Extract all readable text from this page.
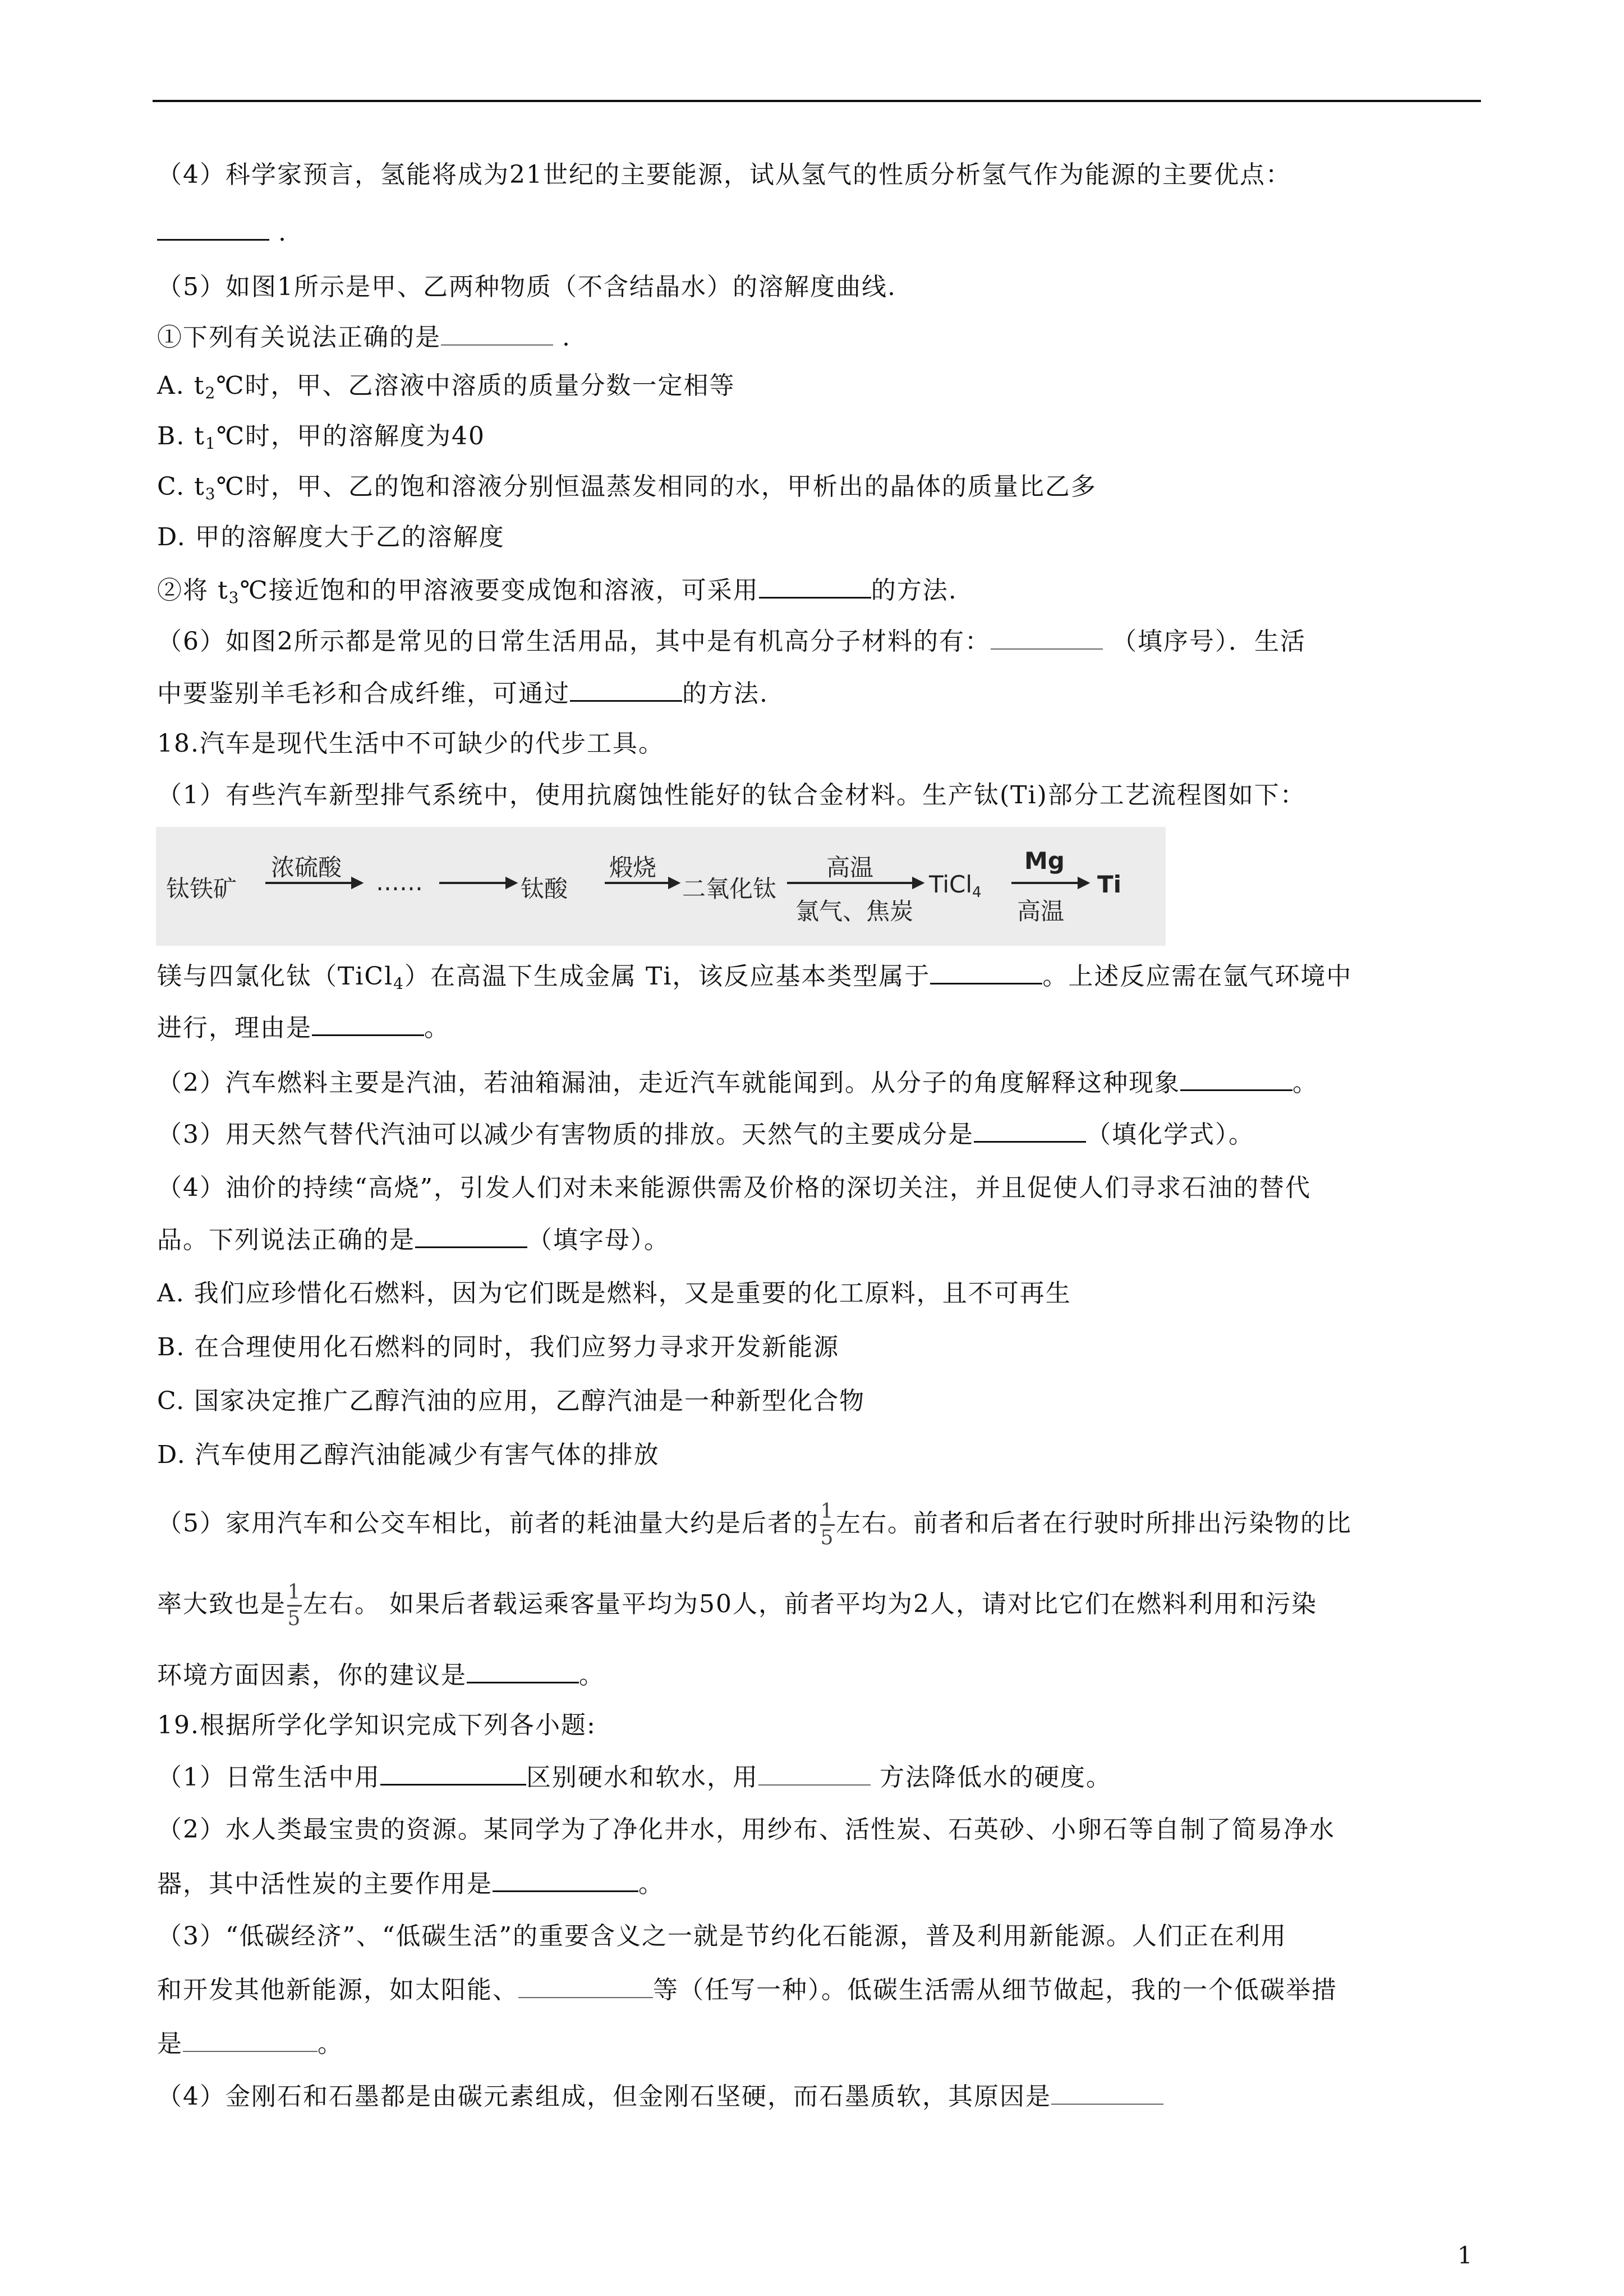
（4）科学家预言，氢能将成为21世纪的主要能源，试从氢气的性质分析氢气作为能源的主要优点：
.
（5）如图1所示是甲、乙两种物质（不含结晶水）的溶解度曲线.
①下列有关说法正确的是	.
A. $t_2℃$时，甲、乙溶液中溶质的质量分数一定相等
B. $t_1℃$时，甲的溶解度为40
C. $t_3℃$时，甲、乙的饱和溶液分别恒温蒸发相同的水，甲析出的晶体的质量比乙多
D. 甲的溶解度大于乙的溶解度
②将 $t_3℃$接近饱和的甲溶液要变成饱和溶液，可采用	的方法.
（6）如图2所示都是常见的日常生活用品，其中是有机高分子材料的有：	（填序号）．生活
中要鉴别羊毛衫和合成纤维，可通过	的方法.
18.汽车是现代生活中不可缺少的代步工具。
（1）有些汽车新型排气系统中，使用抗腐蚀性能好的钛合金材料。生产钛(Ti)部分工艺流程图如下：
钛铁矿
浓硫酸
……	钛酸
煅烧
二氧化钛
高温
氯气、焦炭
TiCl$_4$
Mg
高温
Ti
镁与四氯化钛（TiCl$_4$）在高温下生成金属 Ti，该反应基本类型属于	。上述反应需在氩气环境中
进行，理由是	。
（2）汽车燃料主要是汽油，若油箱漏油，走近汽车就能闻到。从分子的角度解释这种现象	。
（3）用天然气替代汽油可以减少有害物质的排放。天然气的主要成分是	（填化学式）。
（4）油价的持续“高烧”，引发人们对未来能源供需及价格的深切关注，并且促使人们寻求石油的替代
品。下列说法正确的是	（填字母）。
A. 我们应珍惜化石燃料，因为它们既是燃料，又是重要的化工原料，且不可再生
B. 在合理使用化石燃料的同时，我们应努力寻求开发新能源
C. 国家决定推广乙醇汽油的应用，乙醇汽油是一种新型化合物
D. 汽车使用乙醇汽油能减少有害气体的排放
（5）家用汽车和公交车相比，前者的耗油量大约是后者的 $\frac{1}{5}$ 左右。前者和后者在行驶时所排出污染物的比
率大致也是 $\frac{1}{5}$ 左右。 如果后者载运乘客量平均为50人，前者平均为2人，请对比它们在燃料利用和污染
环境方面因素，你的建议是	。
19.根据所学化学知识完成下列各小题:
（1）日常生活中用	区别硬水和软水，用	方法降低水的硬度。
（2）水人类最宝贵的资源。某同学为了净化井水，用纱布、活性炭、石英砂、小卵石等自制了简易净水
器，其中活性炭的主要作用是	。
（3）“低碳经济”、“低碳生活”的重要含义之一就是节约化石能源，普及利用新能源。人们正在利用
和开发其他新能源，如太阳能、	等（任写一种）。低碳生活需从细节做起，我的一个低碳举措
是	。
（4）金刚石和石墨都是由碳元素组成，但金刚石坚硬，而石墨质软，其原因是
1
